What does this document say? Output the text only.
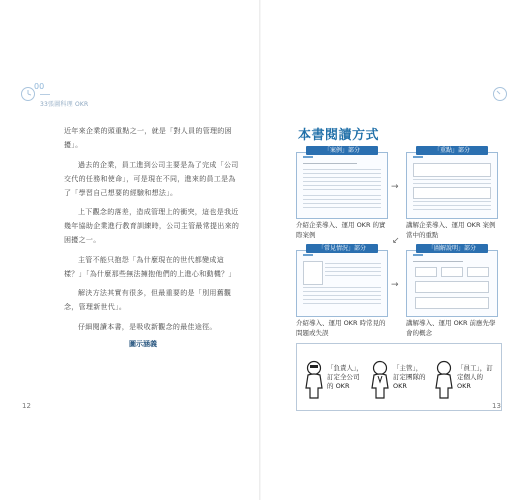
00
33張圖科理 OKR

近年來企業的頭重點之一，就是「對人員的管理的困擾」。

過去的企業，員工進到公司主要是為了完成「公司交代的任務和使命」，可是現在不同，進來的員工是為了「學習自己想要的經驗和想法」。

上下觀念的落差，造成管理上的衝突，這也是我近幾年協助企業進行教育訓練時，公司主管最常提出來的困擾之一。

主管不能只抱怨「為什麼現在的世代都變成這樣？」「為什麼那些無法擁抱他們的上進心和動機？」

解決方法其實有很多，但最重要的是「別用舊觀念，管理新世代」。

仔細閱讀本書，是吸收新觀念的最佳途徑。

12
本書閱讀方式
「案例」部分
介紹企業導入、運用 OKR 的實際案例
→
「重點」部分
講解企業導入、運用 OKR 案例當中的重點
↙
「常見情況」部分
介紹導入、運用 OKR 時常見的問題或失誤
→
「圖解說明」部分
講解導入、運用 OKR 前應先學會的概念
「負責人」，訂定全公司的 OKR
「主管」，訂定團隊的 OKR
「員工」，訂定個人的 OKR
圖示涵義
13
